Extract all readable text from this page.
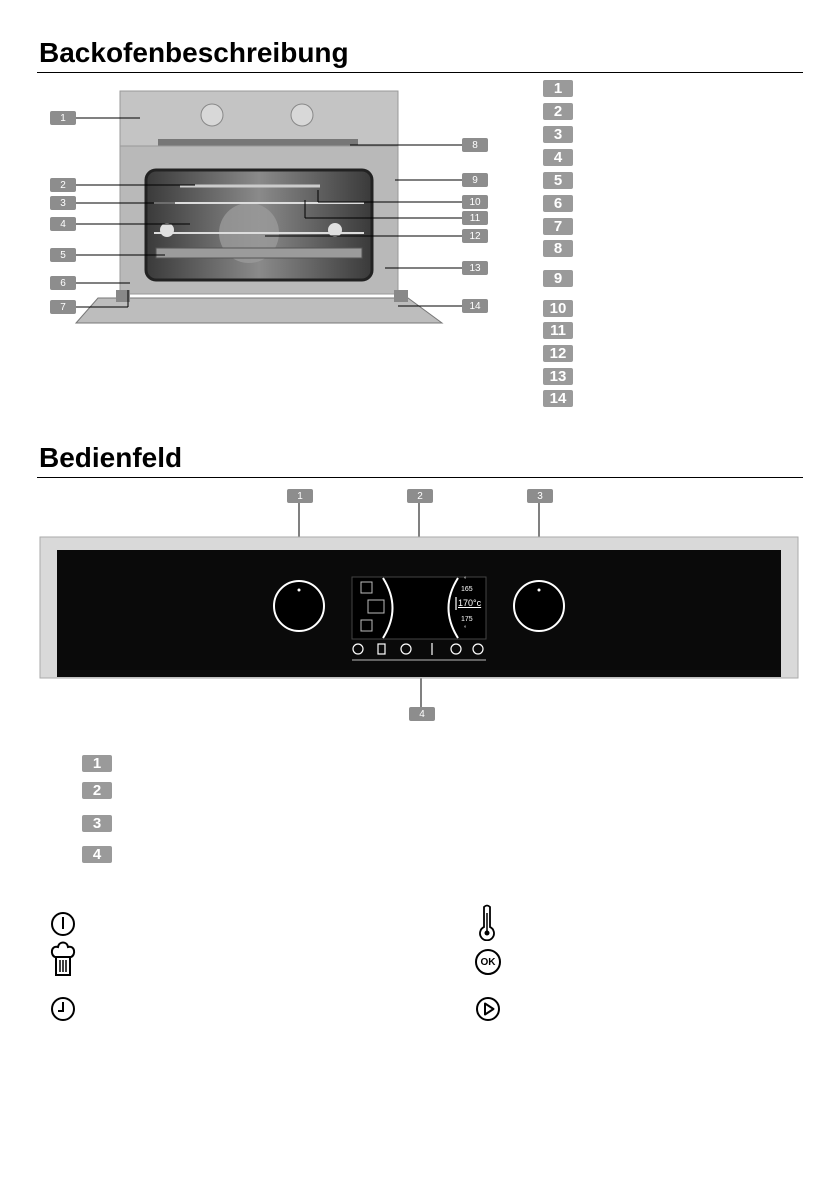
Backofenbeschreibung
1
2
3
4
5
6
7
8
9
10
11
12
13
14
1
2
3
4
5
6
7
8
9
10
11
12
13
14
Bedienfeld
°
165
170°c
175
°
1	2	3
4
1
2
3
4
OK
